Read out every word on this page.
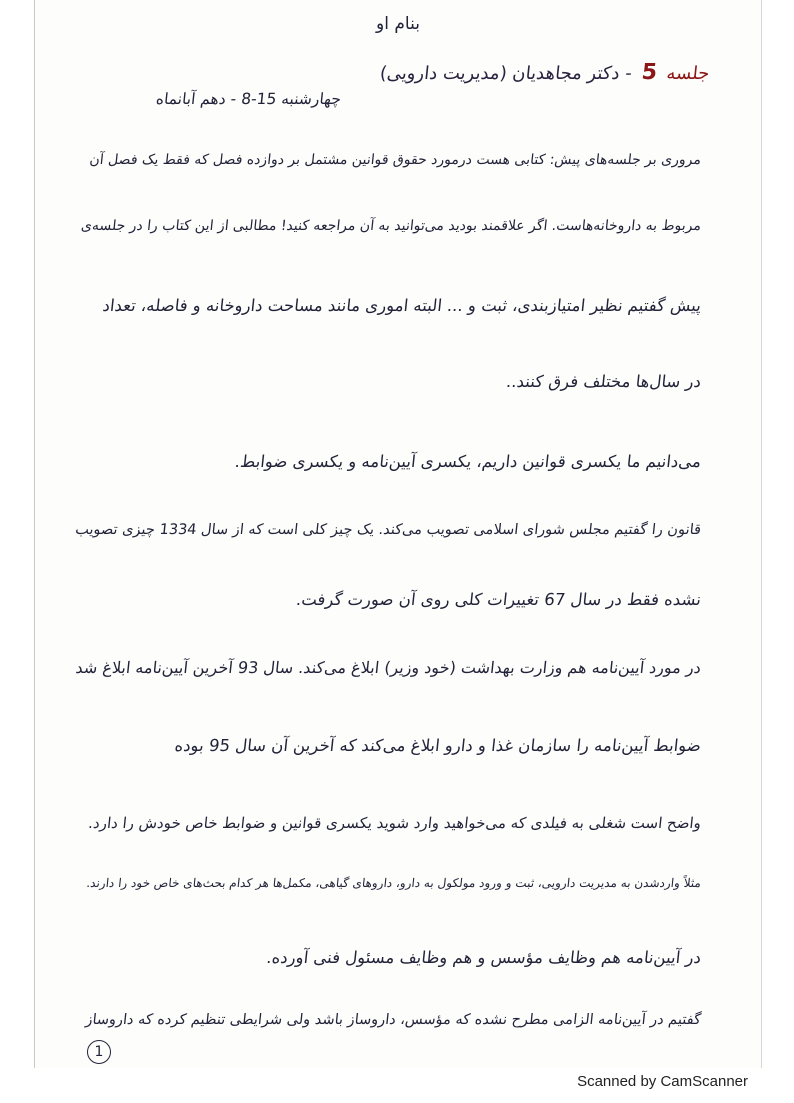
بنام او
جلسه 5 - دکتر مجاهدیان (مدیریت دارویی)
چهارشنبه 15-8 - دهم آبانماه
مروری بر جلسه‌های پیش: کتابی هست درمورد حقوق قوانین مشتمل بر دوازده فصل که فقط یک فصل آن
مربوط به داروخانه‌هاست. اگر علاقمند بودید می‌توانید به آن مراجعه کنید! مطالبی از این کتاب را در جلسه‌ی
پیش گفتیم نظیر امتیازبندی، ثبت و ... البته اموری مانند مساحت داروخانه و فاصله، تعداد
در سال‌ها مختلف فرق کنند..
می‌دانیم ما یکسری قوانین داریم، یکسری آیین‌نامه و یکسری ضوابط.
قانون را گفتیم مجلس شورای اسلامی تصویب می‌کند. یک چیز کلی است که از سال 1334 چیزی تصویب
نشده فقط در سال 67 تغییرات کلی روی آن صورت گرفت.
در مورد آیین‌نامه هم وزارت بهداشت (خود وزیر) ابلاغ می‌کند. سال 93 آخرین آیین‌نامه ابلاغ شد
ضوابط آیین‌نامه را سازمان غذا و دارو ابلاغ می‌کند که آخرین آن سال 95 بوده
واضح است شغلی به فیلدی که می‌خواهید وارد شوید یکسری قوانین و ضوابط خاص خودش را دارد.
مثلاً واردشدن به مدیریت دارویی، ثبت و ورود مولکول به دارو، داروهای گیاهی، مکمل‌ها هر کدام بحث‌های خاص خود را دارند.
در آیین‌نامه هم وظایف مؤسس و هم وظایف مسئول فنی آورده.
گفتیم در آیین‌نامه الزامی مطرح نشده که مؤسس، داروساز باشد ولی شرایطی تنظیم کرده که داروساز
1
Scanned by CamScanner
